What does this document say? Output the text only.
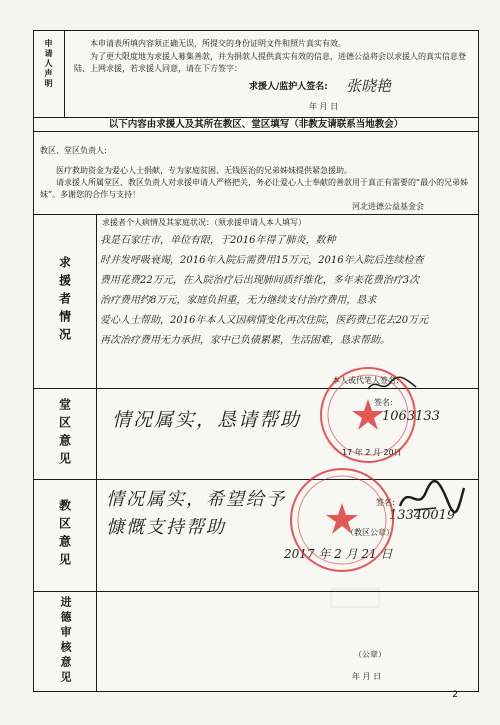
申请人声明	本申请表所填内容须正确无误，所提交的身份证明文件和照片真实有效。
为了更大限度地为求援人募集善款，并为捐款人提供真实有效的信息，进德公益将会以求援人的真实信息登陆、上网求援，若求援人同意，请在下方签字：
求援人/监护人签名: 张晓艳
年 月 日
以下内容由求援人及其所在教区、堂区填写（非教友请联系当地教会）
教区、堂区负责人:
医疗救助资金为爱心人士捐献，专为家庭贫困、无钱医治的兄弟姊妹提供紧急援助。
请求援人所属堂区、教区负责人对求援申请人严格把关，务必让爱心人士奉献的善款用于真正有需要的“最小的兄弟姊妹”。多谢您的合作与支持！
河北进德公益基金会
求援者情况
求援者个人病情及其家庭状况：（须求援申请人本人填写）
我是石家庄市，单位有限，于2016年得了肺炎，数种
时并发呼吸衰竭，2016年入院后需费用15万元，2016年入院后连续检查
费用花费22万元，在入院治疗后出现肺间质纤维化，多年来花费治疗3次
治疗费用约8万元，家庭负担重，无力继续支付治疗费用，恳求
爱心人士帮助，2016年本人又因病情变化再次住院，医药费已花去20万元
再次治疗费用无力承担，家中已负债累累，生活困难，恳求帮助。
本人或代笔人签名:
堂区意见 情况属实，恳请帮助
签名:
1063133
17 年 2 月 20日
教区意见 情况属实，希望给予
慷慨支持帮助
签名:
13340019
（教区公章）
2017 年 2 月 21 日
进德审核意见	（公章）
年 月 日
2
